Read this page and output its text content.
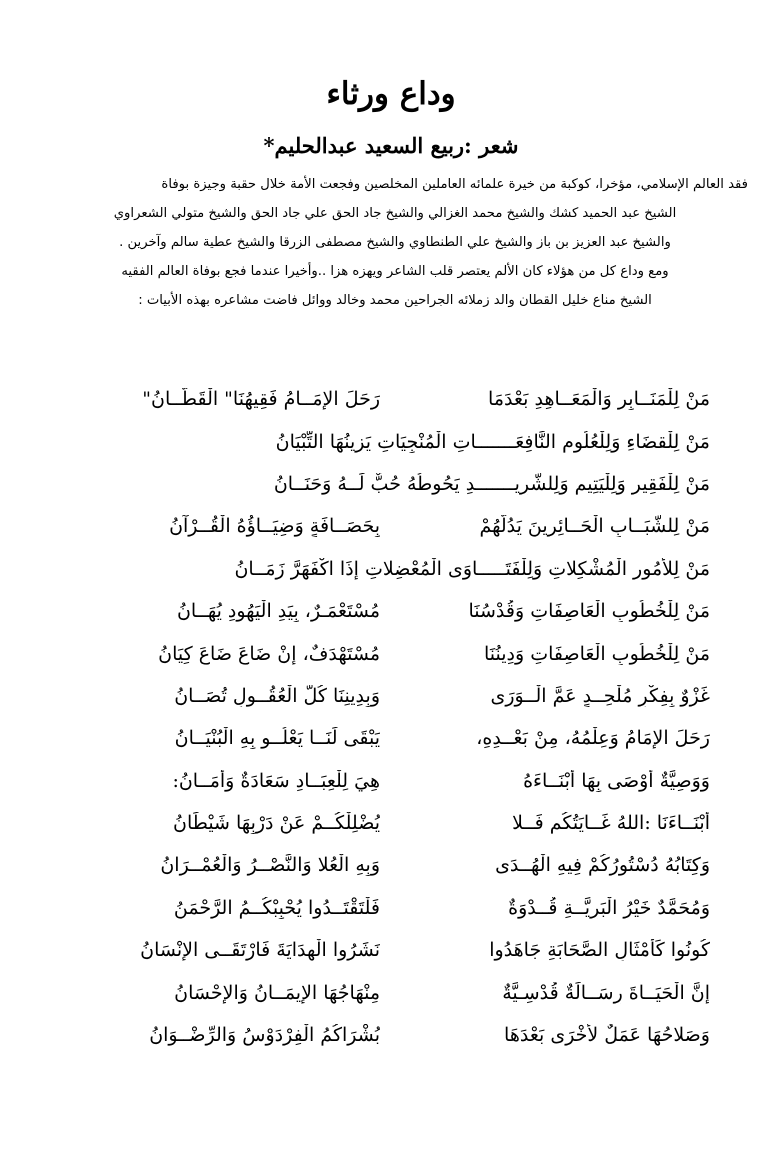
وداع ورثاء
شعر :ربيع السعيد عبدالحليم*

فقد العالم الإسلامي، مؤخرا، كوكبة من خيرة علمائه العاملين المخلصين وفجعت الأمة خلال حقبة وجيزة بوفاة

الشيخ عبد الحميد كشك والشيخ محمد الغزالي والشيخ جاد الحق علي جاد الحق والشيخ متولي الشعراوي

والشيخ عبد العزيز بن باز والشيخ علي الطنطاوي والشيخ مصطفى الزرقا والشيخ عطية سالم وآخرين .

ومع وداع كل من هؤلاء كان الألم يعتصر قلب الشاعر ويهزه هزا ..وأخيرا عندما فجع بوفاة العالم الفقيه

الشيخ مناع خليل القطان والد زملائه الجراحين محمد وخالد ووائل فاضت مشاعره بهذه الأبيات :

مَنْ لِلْمَنَــابِرِ وَالْمَعَــاهِدِ بَعْدَمَا
رَحَلَ الإِمَــامُ فَقِيهُنَا" الْقَطَّــانُ"
مَنْ لِلْقضَاءِ وَلِلْعُلُومِ النَّافِعَـــــــاتِ الْمُنْجِيَاتِ يَزِينُهَا التِّبْيَانُ
مَنْ لِلْفَقِيرِ وَلِلْيَتِيمِ وَلِلشَّرِيـــــــدِ يَحُوطُهُ حُبٌّ لَــهُ وَحَنَــانُ
مَنْ لِلشَّبَــابِ الْحَــائِرِينَ يَدُلُّهُمْ
بِحَصَــافَةٍ وَضِيَــاؤُهُ الْقُــرْآنُ
مَنْ لِلأُمُورِ الْمُشْكِلاتِ وَلِلْفَتَـــــاوَى الْمُعْضِلاتِ إِذَا اكْفَهَرَّ زَمَــانُ
مَنْ لِلْخُطُوبِ الْعَاصِفَاتِ وَقُدْسُنَا
مُسْتَعْمَـرٌ، بِيَدِ الْيَهُودِ يُهَــانُ
مَنْ لِلْخُطُوبِ الْعَاصِفَاتِ وَدِينُنَا
مُسْتَهْدَفٌ، إِنْ ضَاعَ ضَاعَ كِيَانُ
غَزْوٌ بِفِكْرٍ مُلْحِــدٍ عَمَّ الْــوَرَى
وَبِدِينِنَا كُلُّ الْعُقُــولِ تُصَــانُ
رَحَلَ الإِمَامُ وَعِلْمُهُ، مِنْ بَعْــدِهِ،
يَبْقَى لَنَــا يَعْلُــو بِهِ الْبُنْيَــانُ
وَوَصِيَّةٌ أَوْصَى بِهَا أَبْنَــاءَهُ
هِيَ لِلْعِبَــادِ سَعَادَةٌ وَأَمَــانُ:
أَبْنَــاءَنَا :اللهُ غَــايَتُكُم فَــلا
يُضْلِلْكُــمْ عَنْ دَرْبِهَا شَيْطَانُ
وَكِتَابُهُ دُسْتُورُكُمْ فِيهِ الْهُــدَى
وَبِهِ الْعُلا وَالنَّصْــرُ وَالْعُمْــرَانُ
وَمُحَمَّدٌ خَيْرُ الْبَرِيَّــةِ قُــدْوَةٌ
فَلْتَقْتَــدُوا يُحْبِبْكُــمُ الرَّحْمَنُ
كُونُوا كَأَمْثَالِ الصَّحَابَةِ جَاهَدُوا
نَشَرُوا الْهِدَايَةَ فَارْتَقَــى الإِنْسَانُ
إِنَّ الْحَيَــاةَ رِسَــالَةٌ قُدْسِـيَّةٌ
مِنْهَاجُهَا الإِيمَــانُ وَالإِحْسَانُ
وَصَلاحُهَا عَمَلٌ لأُخْرَى بَعْدَهَا
بُشْرَاكُمُ الْفِرْدَوْسُ وَالرِّضْــوَانُ
